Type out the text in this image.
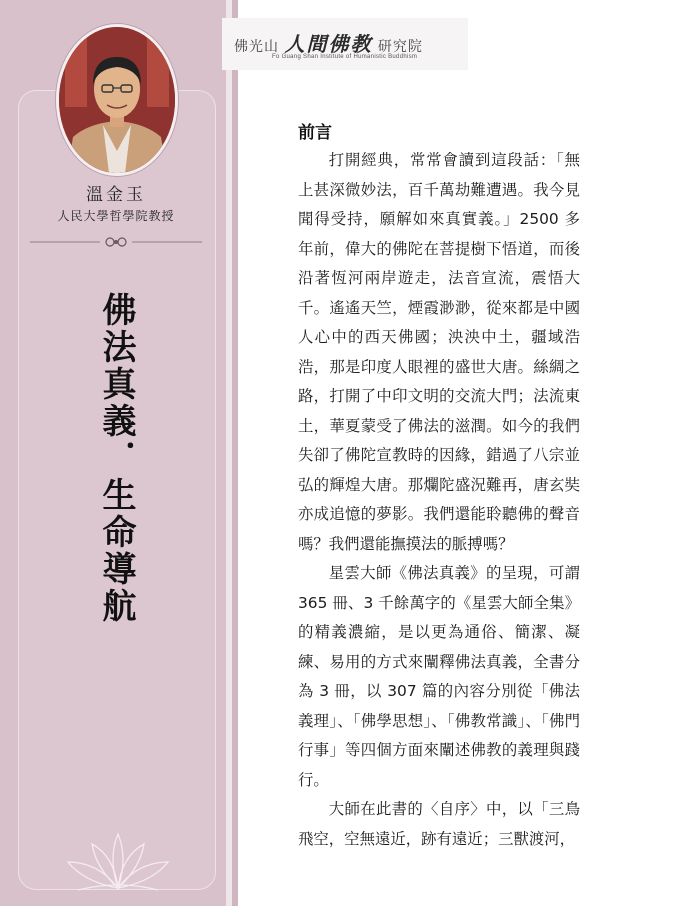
溫金玉
人民大學哲學院教授
佛法真義．生命導航
佛光山 人間佛教 研究院
Fo Guang Shan Institute of Humanistic Buddhism
前言

打開經典，常常會讀到這段話：「無上甚深微妙法，百千萬劫難遭遇。我今見聞得受持，願解如來真實義。」2500 多年前，偉大的佛陀在菩提樹下悟道，而後沿著恆河兩岸遊走，法音宣流，震悟大千。遙遙天竺，煙霞渺渺，從來都是中國人心中的西天佛國；泱泱中土，疆域浩浩，那是印度人眼裡的盛世大唐。絲綢之路，打開了中印文明的交流大門；法流東土，華夏蒙受了佛法的滋潤。如今的我們失卻了佛陀宣教時的因緣，錯過了八宗並弘的輝煌大唐。那爛陀盛況難再，唐玄奘亦成追憶的夢影。我們還能聆聽佛的聲音嗎？我們還能撫摸法的脈搏嗎？

星雲大師《佛法真義》的呈現，可謂 365 冊、3 千餘萬字的《星雲大師全集》的精義濃縮，是以更為通俗、簡潔、凝練、易用的方式來闡釋佛法真義，全書分為 3 冊，以 307 篇的內容分別從「佛法義理」、「佛學思想」、「佛教常識」、「佛門行事」等四個方面來闡述佛教的義理與踐行。

大師在此書的〈自序〉中，以「三鳥飛空，空無遠近，跡有遠近；三獸渡河，
